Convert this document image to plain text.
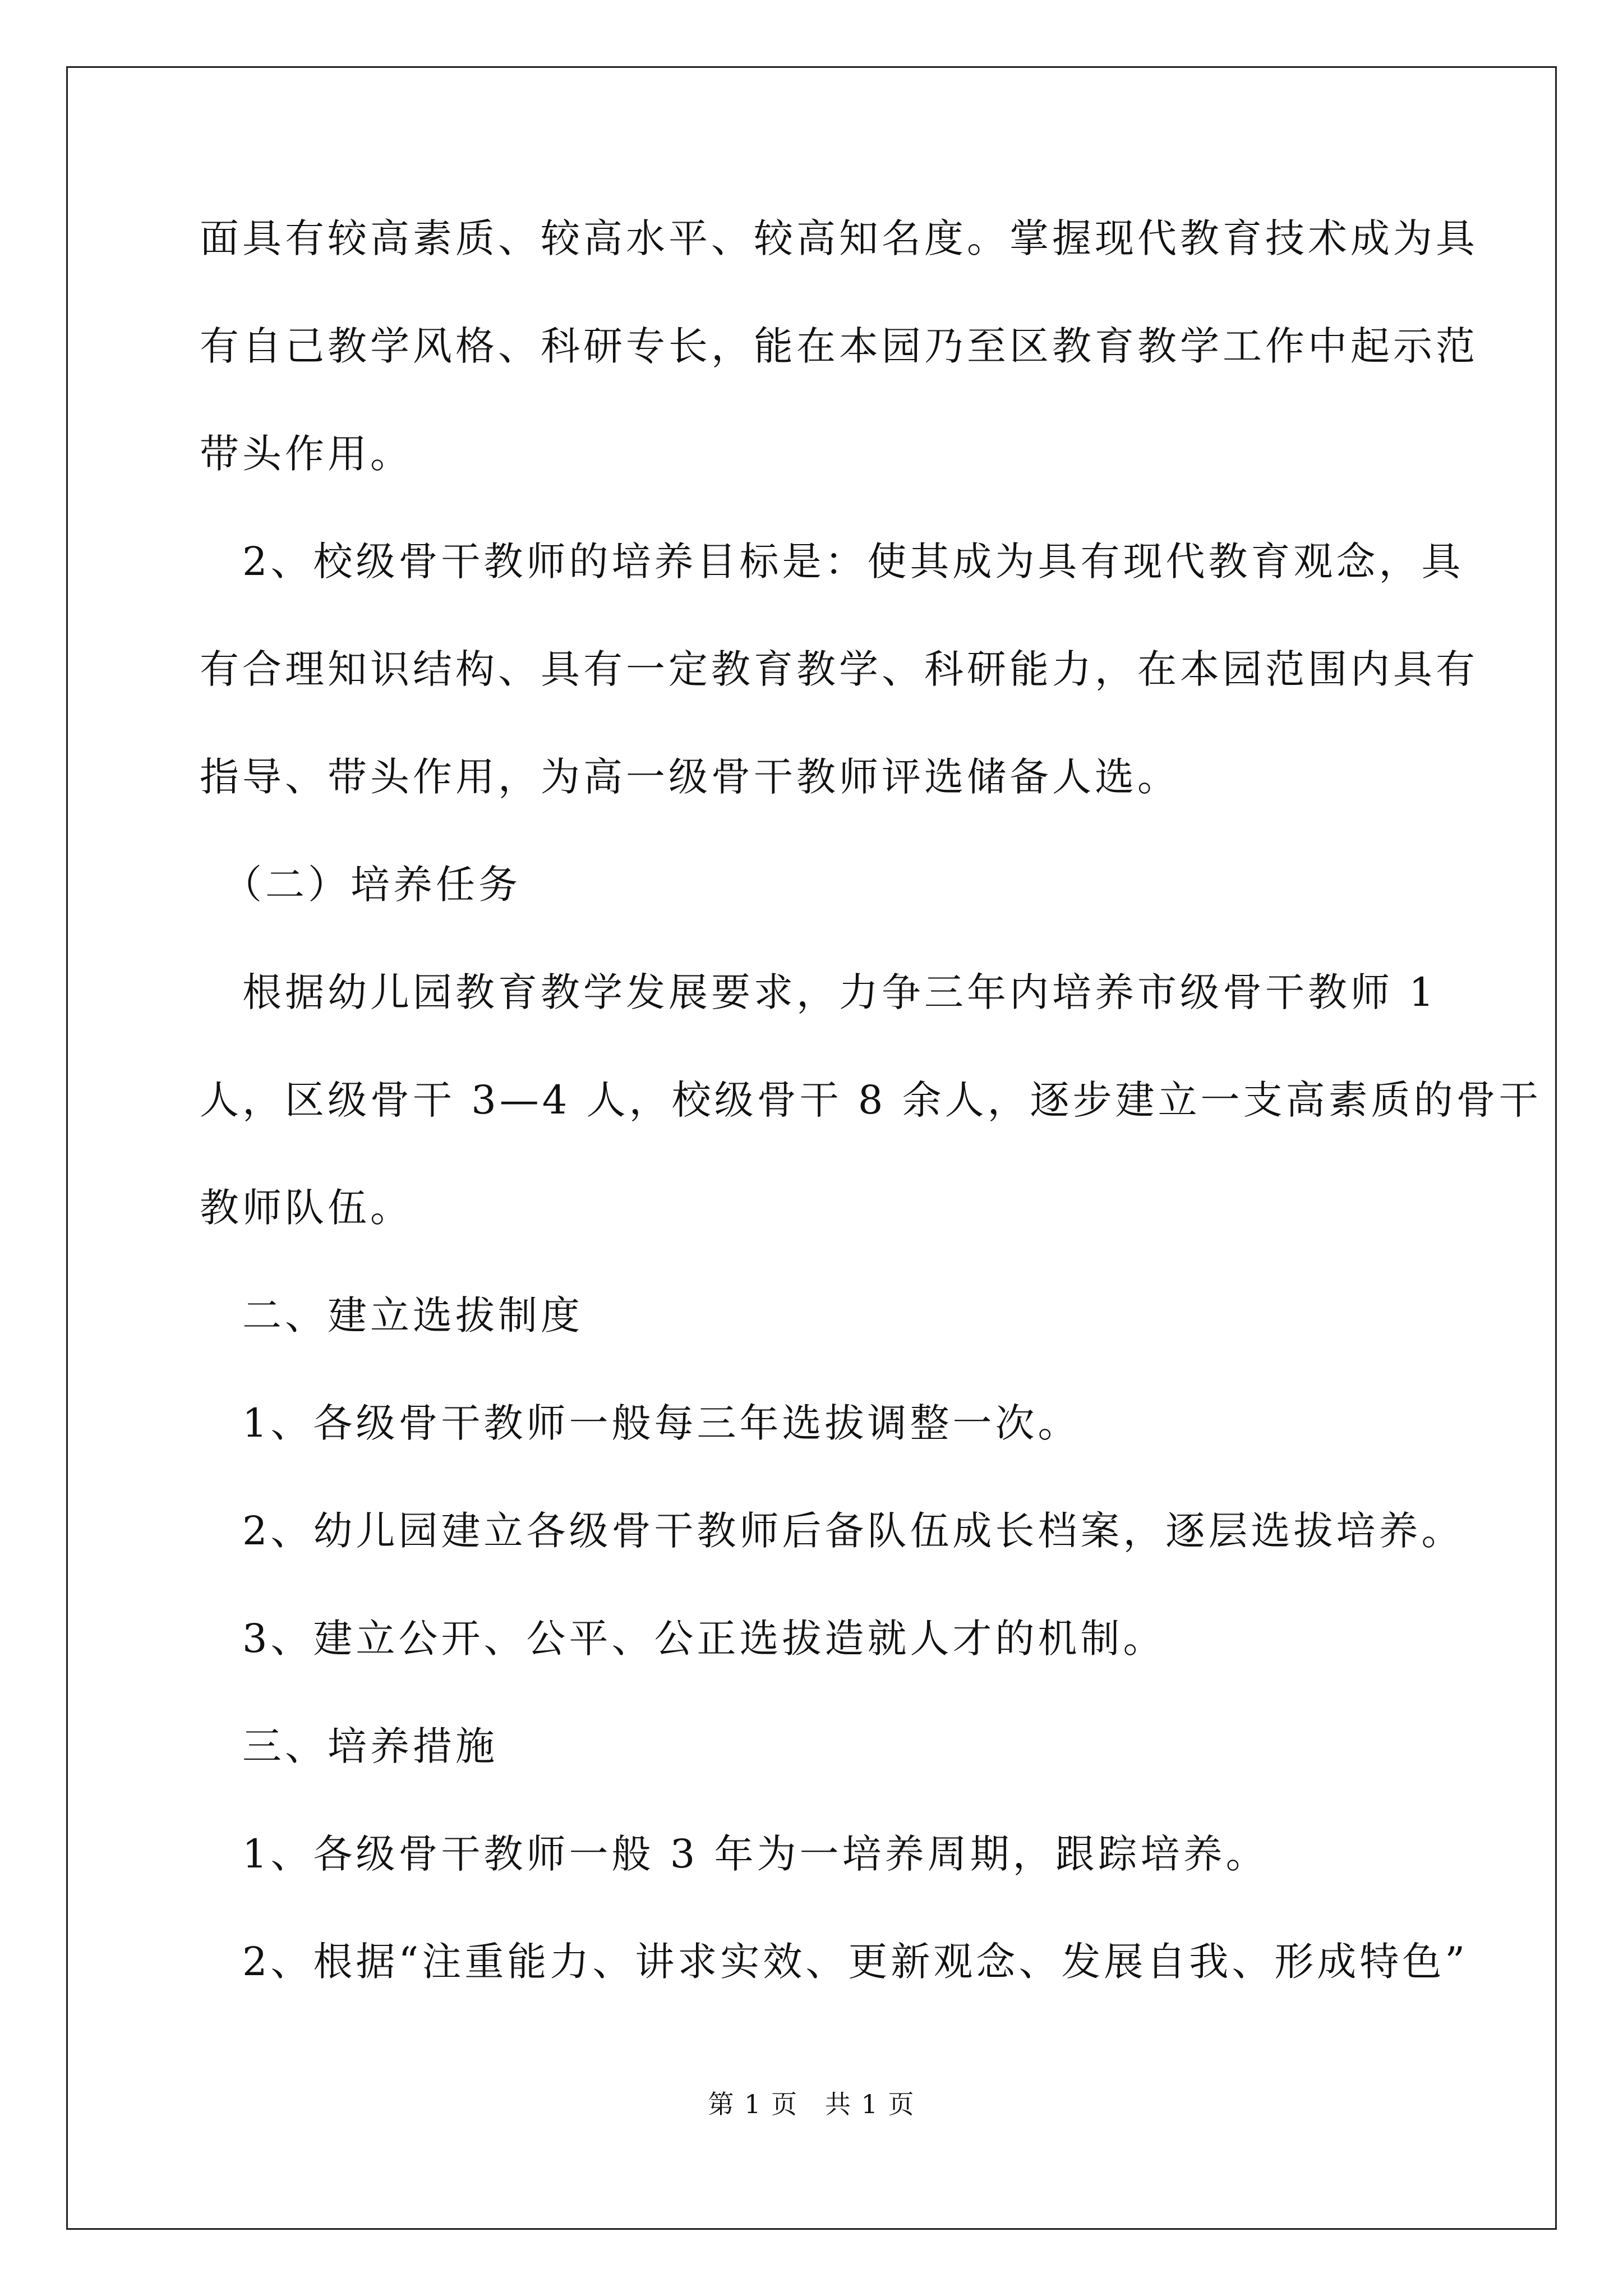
面具有较高素质、较高水平、较高知名度。掌握现代教育技术成为具
有自己教学风格、科研专长，能在本园乃至区教育教学工作中起示范
带头作用。
　2、校级骨干教师的培养目标是：使其成为具有现代教育观念，具
有合理知识结构、具有一定教育教学、科研能力，在本园范围内具有
指导、带头作用，为高一级骨干教师评选储备人选。
　（二）培养任务
　根据幼儿园教育教学发展要求，力争三年内培养市级骨干教师 1
人，区级骨干 3—4 人，校级骨干 8 余人，逐步建立一支高素质的骨干
教师队伍。
　二、建立选拔制度
　1、各级骨干教师一般每三年选拔调整一次。
　2、幼儿园建立各级骨干教师后备队伍成长档案，逐层选拔培养。
　3、建立公开、公平、公正选拔造就人才的机制。
　三、培养措施
　1、各级骨干教师一般 3 年为一培养周期，跟踪培养。
　2、根据“注重能力、讲求实效、更新观念、发展自我、形成特色”
第 1 页　共 1 页
